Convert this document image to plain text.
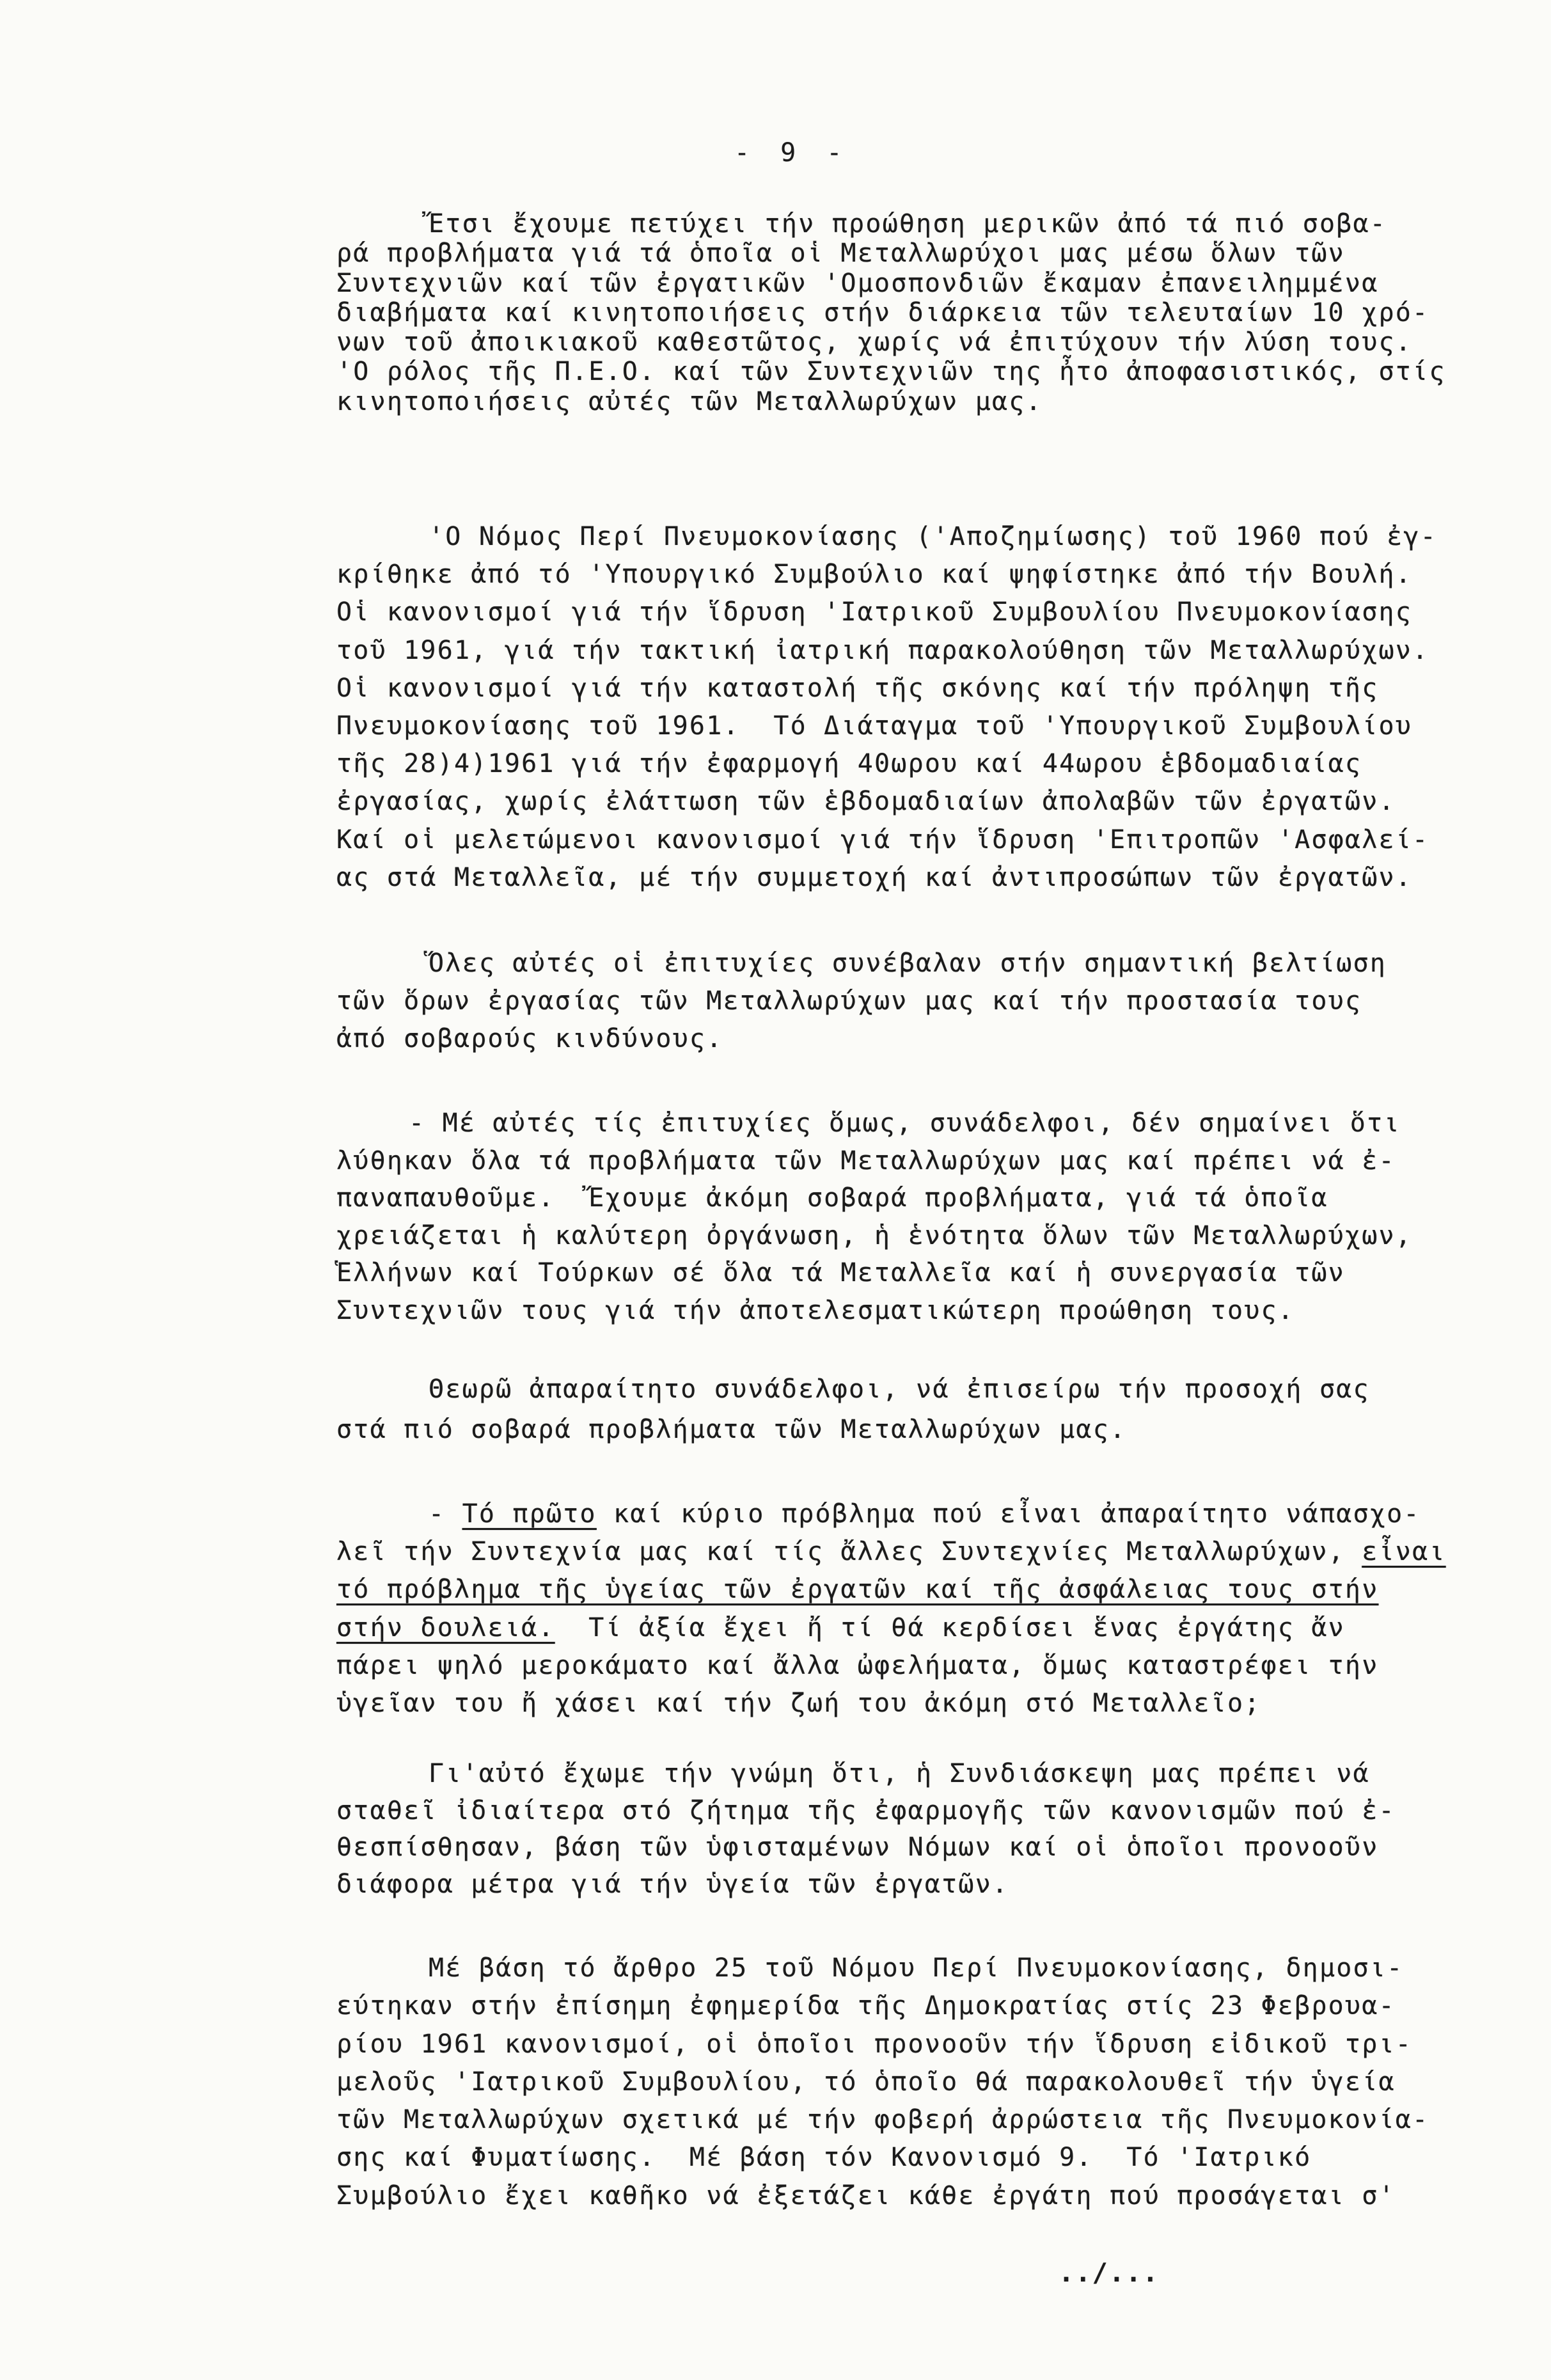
- 9 -
Ἔτσι ἔχουμε πετύχει τήν προώθηση μερικῶν ἀπό τά πιό σοβα-
ρά προβλήματα γιά τά ὁποῖα οἱ Μεταλλωρύχοι μας μέσω ὅλων τῶν
Συντεχνιῶν καί τῶν ἐργατικῶν 'Ομοσπονδιῶν ἔκαμαν ἐπανειλημμένα
διαβήματα καί κινητοποιήσεις στήν διάρκεια τῶν τελευταίων 10 χρό-
νων τοῦ ἀποικιακοῦ καθεστῶτος, χωρίς νά ἐπιτύχουν τήν λύση τους.
'Ο ρόλος τῆς Π.Ε.Ο. καί τῶν Συντεχνιῶν της ἦτο ἀποφασιστικός, στίς
κινητοποιήσεις αὐτές τῶν Μεταλλωρύχων μας.
'Ο Νόμος Περί Πνευμοκονίασης ('Αποζημίωσης) τοῦ 1960 πού ἐγ-
κρίθηκε ἀπό τό 'Υπουργικό Συμβούλιο καί ψηφίστηκε ἀπό τήν Βουλή.
Οἱ κανονισμοί γιά τήν ἵδρυση 'Ιατρικοῦ Συμβουλίου Πνευμοκονίασης
τοῦ 1961, γιά τήν τακτική ἰατρική παρακολούθηση τῶν Μεταλλωρύχων.
Οἱ κανονισμοί γιά τήν καταστολή τῆς σκόνης καί τήν πρόληψη τῆς
Πνευμοκονίασης τοῦ 1961.  Τό Διάταγμα τοῦ 'Υπουργικοῦ Συμβουλίου
τῆς 28)4)1961 γιά τήν ἐφαρμογή 40ωρου καί 44ωρου ἑβδομαδιαίας
ἐργασίας, χωρίς ἐλάττωση τῶν ἑβδομαδιαίων ἀπολαβῶν τῶν ἐργατῶν.
Καί οἱ μελετώμενοι κανονισμοί γιά τήν ἵδρυση 'Επιτροπῶν 'Ασφαλεί-
ας στά Μεταλλεῖα, μέ τήν συμμετοχή καί ἀντιπροσώπων τῶν ἐργατῶν.
Ὅλες αὐτές οἱ ἐπιτυχίες συνέβαλαν στήν σημαντική βελτίωση
τῶν ὅρων ἐργασίας τῶν Μεταλλωρύχων μας καί τήν προστασία τους
ἀπό σοβαρούς κινδύνους.
- Μέ αὐτές τίς ἐπιτυχίες ὅμως, συνάδελφοι, δέν σημαίνει ὅτι
λύθηκαν ὅλα τά προβλήματα τῶν Μεταλλωρύχων μας καί πρέπει νά ἐ-
παναπαυθοῦμε.  Ἔχουμε ἀκόμη σοβαρά προβλήματα, γιά τά ὁποῖα
χρειάζεται ἡ καλύτερη ὀργάνωση, ἡ ἑνότητα ὅλων τῶν Μεταλλωρύχων,
Ἑλλήνων καί Τούρκων σέ ὅλα τά Μεταλλεῖα καί ἡ συνεργασία τῶν
Συντεχνιῶν τους γιά τήν ἀποτελεσματικώτερη προώθηση τους.
Θεωρῶ ἀπαραίτητο συνάδελφοι, νά ἐπισείρω τήν προσοχή σας
στά πιό σοβαρά προβλήματα τῶν Μεταλλωρύχων μας.
- Τό πρῶτο καί κύριο πρόβλημα πού εἶναι ἀπαραίτητο νάπασχο-
λεῖ τήν Συντεχνία μας καί τίς ἄλλες Συντεχνίες Μεταλλωρύχων, εἶναι
τό πρόβλημα τῆς ὑγείας τῶν ἐργατῶν καί τῆς ἀσφάλειας τους στήν
στήν δουλειά.  Τί ἀξία ἔχει ἤ τί θά κερδίσει ἕνας ἐργάτης ἄν
πάρει ψηλό μεροκάματο καί ἄλλα ὠφελήματα, ὅμως καταστρέφει τήν
ὑγεῖαν του ἤ χάσει καί τήν ζωή του ἀκόμη στό Μεταλλεῖο;
Γι'αὐτό ἔχωμε τήν γνώμη ὅτι, ἡ Συνδιάσκεψη μας πρέπει νά
σταθεῖ ἰδιαίτερα στό ζήτημα τῆς ἐφαρμογῆς τῶν κανονισμῶν πού ἐ-
θεσπίσθησαν, βάση τῶν ὑφισταμένων Νόμων καί οἱ ὁποῖοι προνοοῦν
διάφορα μέτρα γιά τήν ὑγεία τῶν ἐργατῶν.
Μέ βάση τό ἄρθρο 25 τοῦ Νόμου Περί Πνευμοκονίασης, δημοσι-
εύτηκαν στήν ἐπίσημη ἐφημερίδα τῆς Δημοκρατίας στίς 23 Φεβρουα-
ρίου 1961 κανονισμοί, οἱ ὁποῖοι προνοοῦν τήν ἵδρυση εἰδικοῦ τρι-
μελοῦς 'Ιατρικοῦ Συμβουλίου, τό ὁποῖο θά παρακολουθεῖ τήν ὑγεία
τῶν Μεταλλωρύχων σχετικά μέ τήν φοβερή ἀρρώστεια τῆς Πνευμοκονία-
σης καί Φυματίωσης.  Μέ βάση τόν Κανονισμό 9.  Τό 'Ιατρικό
Συμβούλιο ἔχει καθῆκο νά ἐξετάζει κάθε ἐργάτη πού προσάγεται σ'
../...
